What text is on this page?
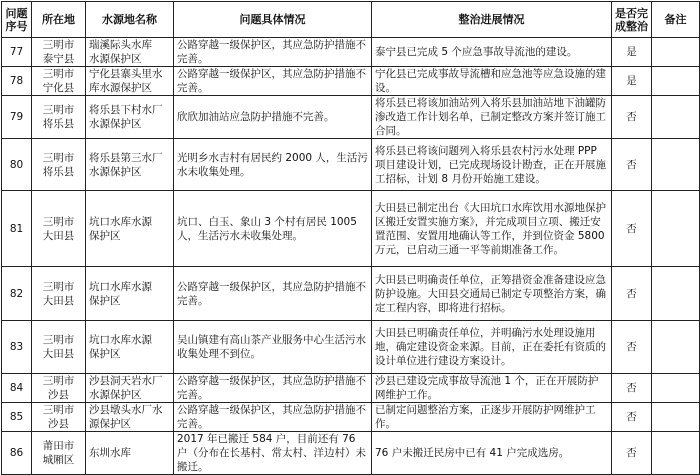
问题
序号	所在地	水源地名称	问题具体情况	整治进展情况	是否完
成整治	备注
77	三明市
泰宁县	瑞溪际头水库
水源保护区	公路穿越一级保护区，其应急防护措施不完善。	泰宁县已完成 5 个应急事故导流池的建设。	是	
78	三明市
宁化县	宁化县寨头里水
库水源保护区	公路穿越一级保护区，其应急防护措施不完善。	宁化县已完成事故导流槽和应急池等应急设施的建设。	是	
79	三明市
将乐县	将乐县下村水厂
水源保护区	欣欣加油站应急防护措施不完善。	将乐县已将该加油站列入将乐县加油站地下油罐防渗改造工作计划名单，已制定整改方案并签订施工合同。	否	
80	三明市
将乐县	将乐县第三水厂
水源保护区	光明乡水吉村有居民约 2000 人，生活污水未收集处理。	将乐县已将该问题列入将乐县农村污水处理 PPP 项目建设计划，已完成现场设计勘查，正在开展施工招标，计划 8 月份开始施工建设。	否	
81	三明市
大田县	坑口水库水源
保护区	坑口、白玉、象山 3 个村有居民 1005 人，生活污水未收集处理。	大田县已制定出台《大田坑口水库饮用水源地保护区搬迁安置实施方案》，并完成项目立项、搬迁安置范围、安置用地确认等工作，并到位资金 5800 万元，已启动三通一平等前期准备工作。	否	
82	三明市
大田县	坑口水库水源
保护区	公路穿越一级保护区，其应急防护措施不完善。	大田县已明确责任单位，正筹措资金准备建设应急防护设施。大田县交通局已制定专项整治方案，确定工程内容，即将进行招标。	否	
83	三明市
大田县	坑口水库水源
保护区	吴山镇建有高山茶产业服务中心生活污水收集处理不到位。	大田县已明确责任单位，并明确污水处理设施用地，确定建设资金来源。目前，正在委托有资质的设计单位进行建设方案设计。	否	
84	三明市
沙县	沙县洞天岩水厂
水源保护区	公路穿越一级保护区，其应急防护措施不完善。	沙县已建设完成事故导流池 1 个，正在开展防护网维护工作。	否	
85	三明市
沙县	沙县墩头水厂水
源保护区	公路穿越一级保护区，其应急防护措施不完善。	已制定问题整治方案，正逐步开展防护网维护工作。	否	
86	莆田市
城厢区	东圳水库	2017 年已搬迁 584 户，目前还有 76 户（分布在长基村、常太村、洋边村）未搬迁。	76 户未搬迁民房中已有 41 户完成选房。	否	
